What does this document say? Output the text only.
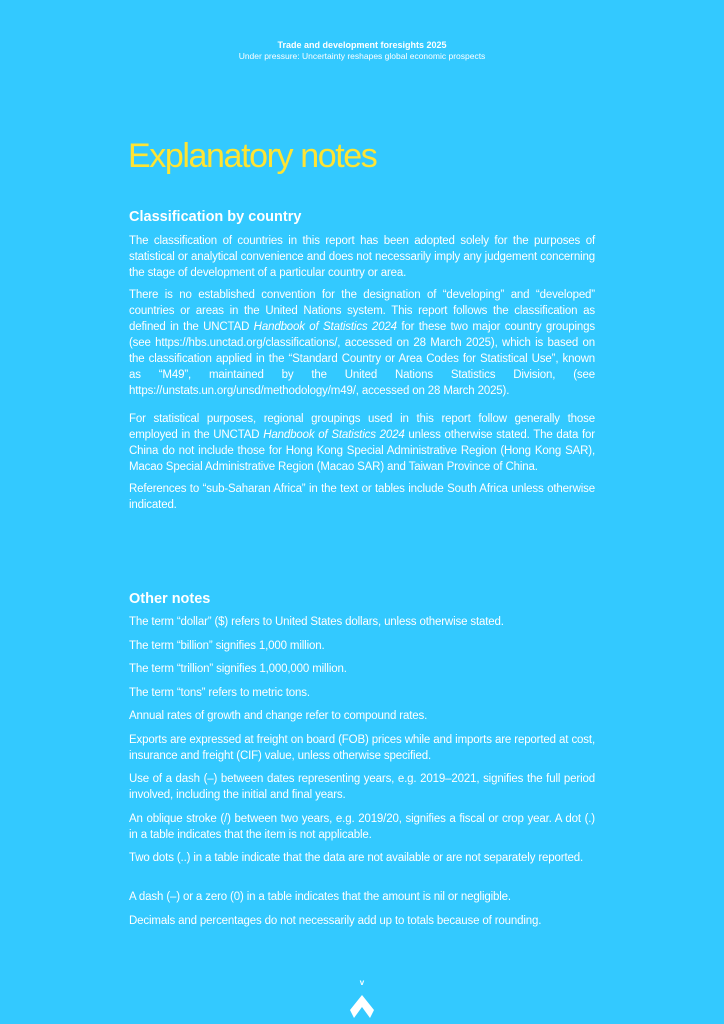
Trade and development foresights 2025

Under pressure: Uncertainty reshapes global economic prospects

Explanatory notes
Classification by country

The classification of countries in this report has been adopted solely for the purposes of statistical or analytical convenience and does not necessarily imply any judgement concerning the stage of development of a particular country or area.

There is no established convention for the designation of “developing” and “developed” countries or areas in the United Nations system. This report follows the classification as defined in the UNCTAD Handbook of Statistics 2024 for these two major country groupings (see https://hbs.unctad.org/classifications/, accessed on 28 March 2025), which is based on the classification applied in the “Standard Country or Area Codes for Statistical Use”, known as “M49”, maintained by the United Nations Statistics Division, (see https://unstats.un.org/unsd/methodology/m49/, accessed on 28 March 2025).

For statistical purposes, regional groupings used in this report follow generally those employed in the UNCTAD Handbook of Statistics 2024 unless otherwise stated. The data for China do not include those for Hong Kong Special Administrative Region (Hong Kong SAR), Macao Special Administrative Region (Macao SAR) and Taiwan Province of China.

References to “sub-Saharan Africa” in the text or tables include South Africa unless otherwise indicated.

Other notes

The term “dollar” ($) refers to United States dollars, unless otherwise stated.

The term “billion” signifies 1,000 million.

The term “trillion” signifies 1,000,000 million.

The term “tons” refers to metric tons.

Annual rates of growth and change refer to compound rates.

Exports are expressed at freight on board (FOB) prices while and imports are reported at cost, insurance and freight (CIF) value, unless otherwise specified.

Use of a dash (–) between dates representing years, e.g. 2019–2021, signifies the full period involved, including the initial and final years.

An oblique stroke (/) between two years, e.g. 2019/20, signifies a fiscal or crop year. A dot (.) in a table indicates that the item is not applicable.

Two dots (..) in a table indicate that the data are not available or are not separately reported.

A dash (–) or a zero (0) in a table indicates that the amount is nil or negligible.

Decimals and percentages do not necessarily add up to totals because of rounding.

v
